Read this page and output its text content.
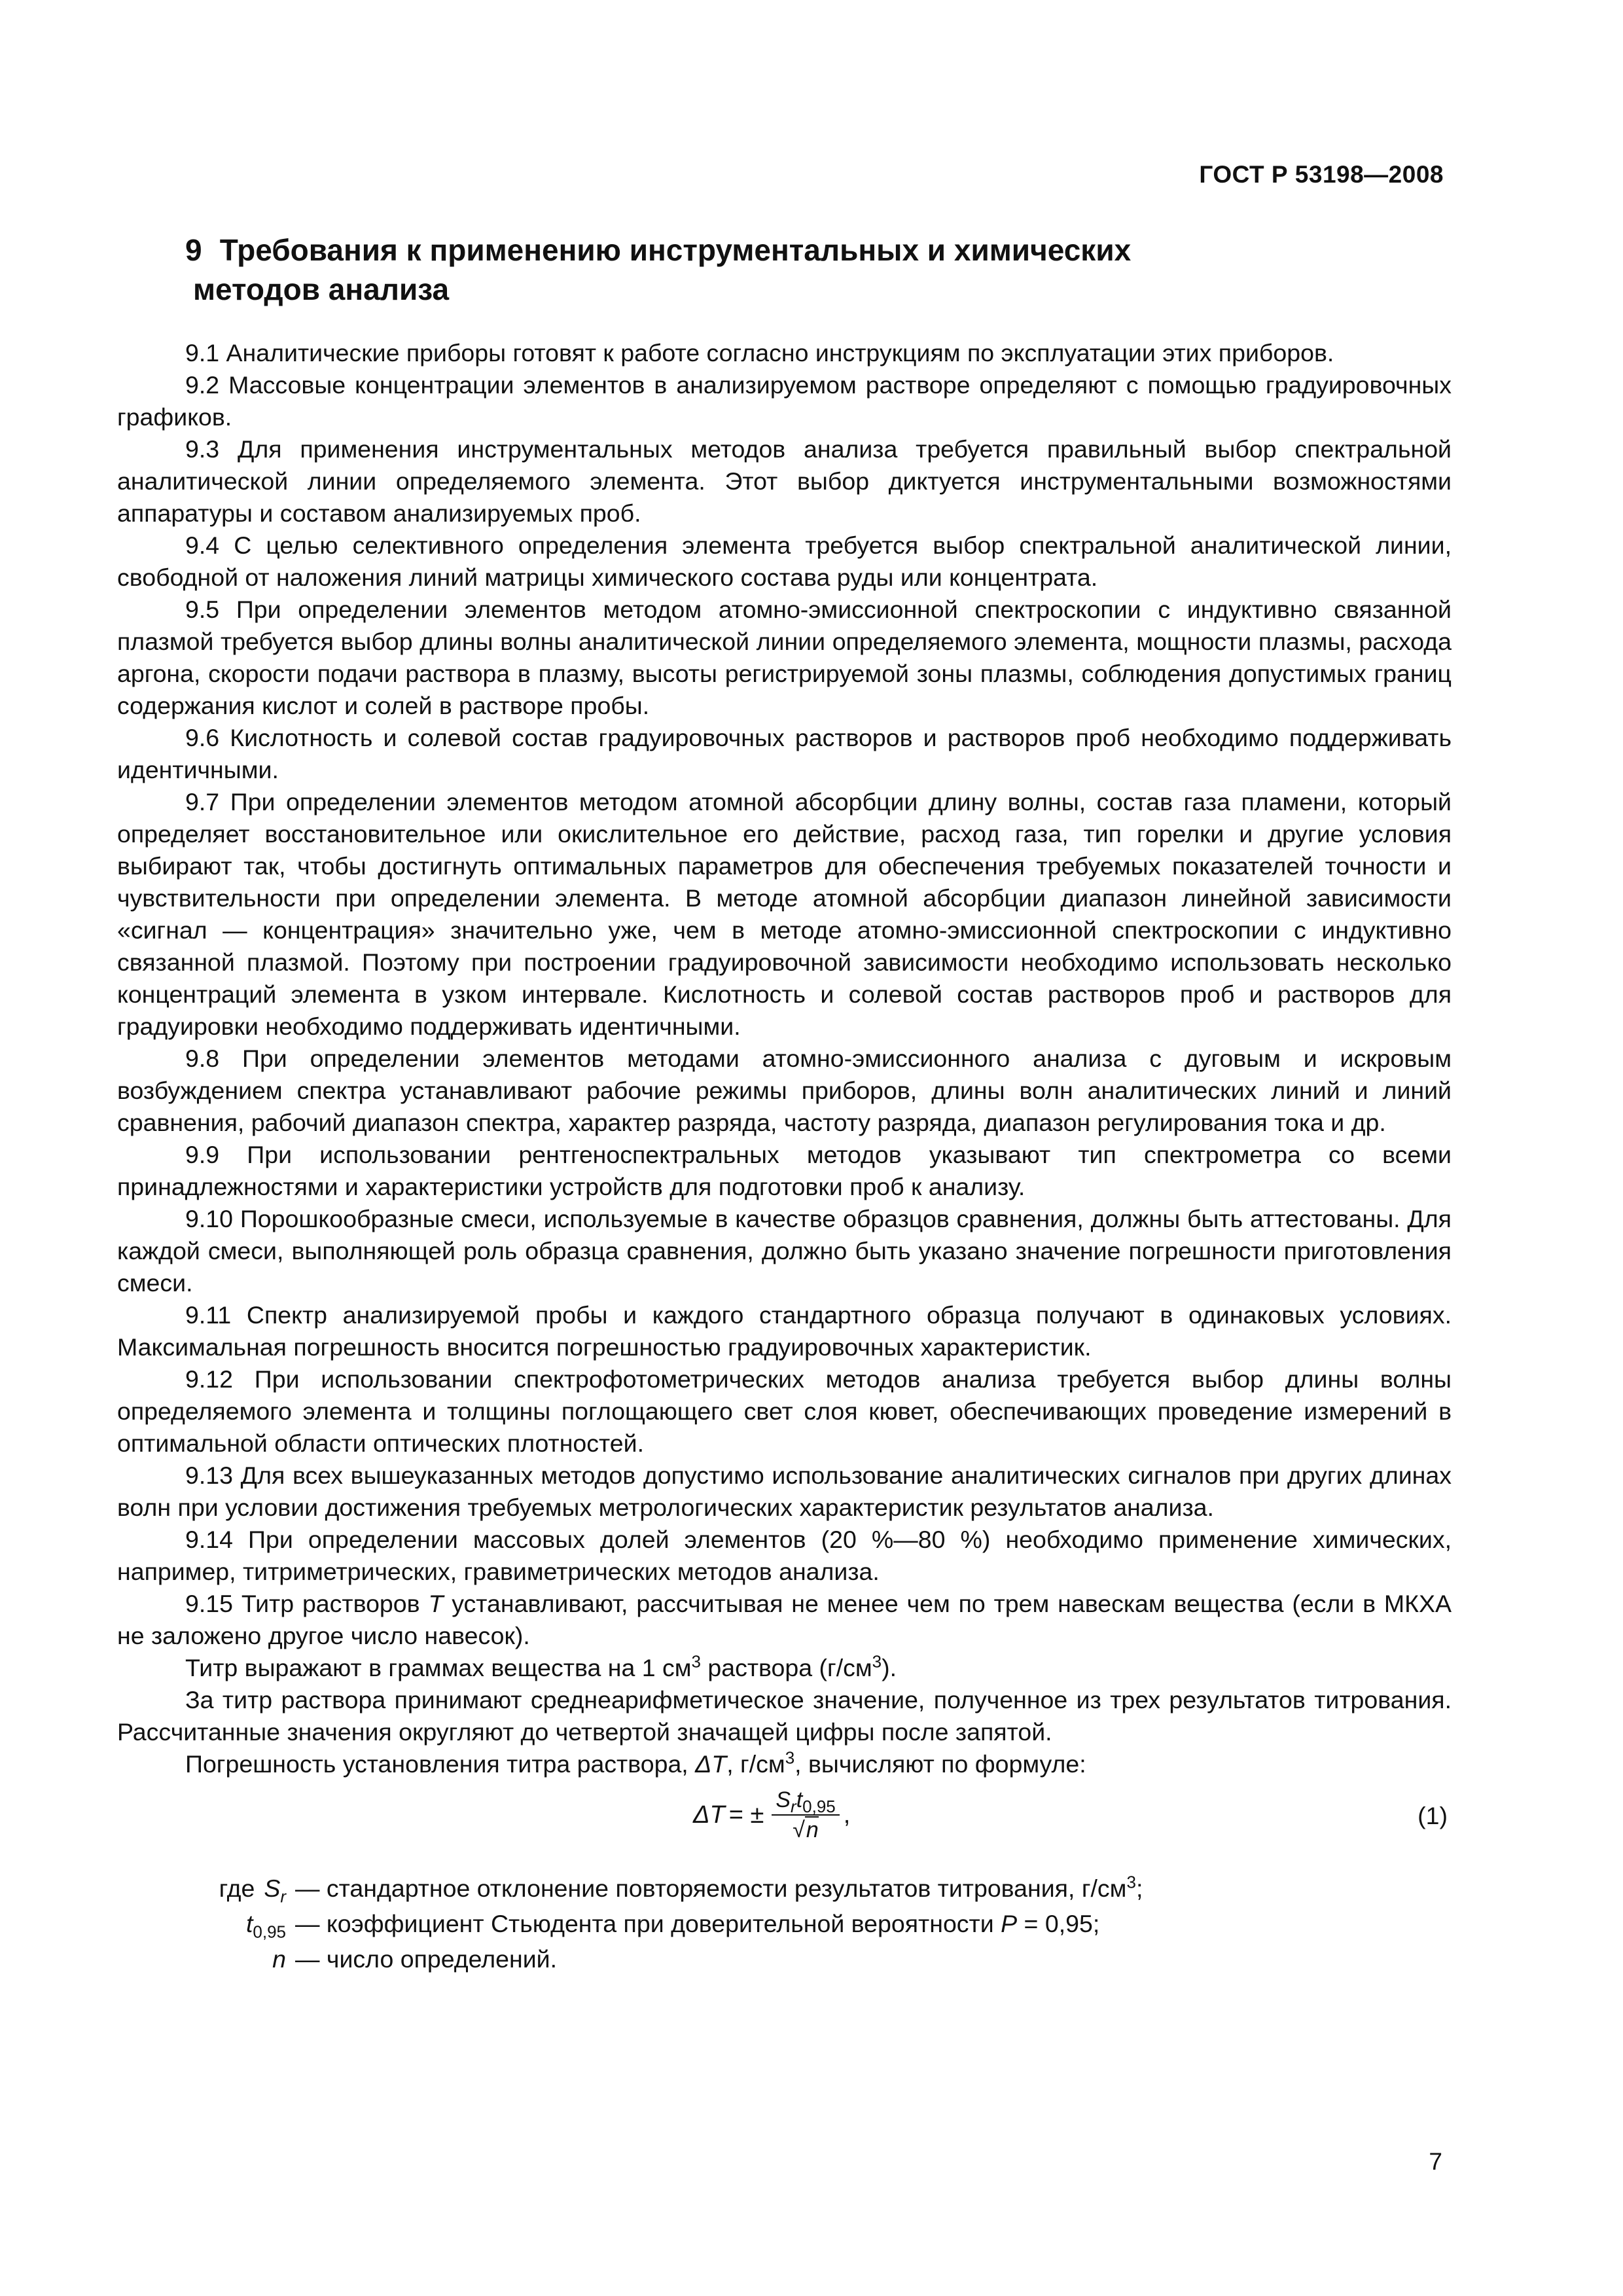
ГОСТ Р 53198—2008
9 Требования к применению инструментальных и химических
методов анализа

9.1 Аналитические приборы готовят к работе согласно инструкциям по эксплуатации этих приборов.

9.2 Массовые концентрации элементов в анализируемом растворе определяют с помощью градуировочных графиков.

9.3 Для применения инструментальных методов анализа требуется правильный выбор спектральной аналитической линии определяемого элемента. Этот выбор диктуется инструментальными возможностями аппаратуры и составом анализируемых проб.

9.4 С целью селективного определения элемента требуется выбор спектральной аналитической линии, свободной от наложения линий матрицы химического состава руды или концентрата.

9.5 При определении элементов методом атомно-эмиссионной спектроскопии с индуктивно связанной плазмой требуется выбор длины волны аналитической линии определяемого элемента, мощности плазмы, расхода аргона, скорости подачи раствора в плазму, высоты регистрируемой зоны плазмы, соблюдения допустимых границ содержания кислот и солей в растворе пробы.

9.6 Кислотность и солевой состав градуировочных растворов и растворов проб необходимо поддерживать идентичными.

9.7 При определении элементов методом атомной абсорбции длину волны, состав газа пламени, который определяет восстановительное или окислительное его действие, расход газа, тип горелки и другие условия выбирают так, чтобы достигнуть оптимальных параметров для обеспечения требуемых показателей точности и чувствительности при определении элемента. В методе атомной абсорбции диапазон линейной зависимости «сигнал — концентрация» значительно уже, чем в методе атомно-эмиссионной спектроскопии с индуктивно связанной плазмой. Поэтому при построении градуировочной зависимости необходимо использовать несколько концентраций элемента в узком интервале. Кислотность и солевой состав растворов проб и растворов для градуировки необходимо поддерживать идентичными.

9.8 При определении элементов методами атомно-эмиссионного анализа с дуговым и искровым возбуждением спектра устанавливают рабочие режимы приборов, длины волн аналитических линий и линий сравнения, рабочий диапазон спектра, характер разряда, частоту разряда, диапазон регулирования тока и др.

9.9 При использовании рентгеноспектральных методов указывают тип спектрометра со всеми принадлежностями и характеристики устройств для подготовки проб к анализу.

9.10 Порошкообразные смеси, используемые в качестве образцов сравнения, должны быть аттестованы. Для каждой смеси, выполняющей роль образца сравнения, должно быть указано значение погрешности приготовления смеси.

9.11 Спектр анализируемой пробы и каждого стандартного образца получают в одинаковых условиях. Максимальная погрешность вносится погрешностью градуировочных характеристик.

9.12 При использовании спектрофотометрических методов анализа требуется выбор длины волны определяемого элемента и толщины поглощающего свет слоя кювет, обеспечивающих проведение измерений в оптимальной области оптических плотностей.

9.13 Для всех вышеуказанных методов допустимо использование аналитических сигналов при других длинах волн при условии достижения требуемых метрологических характеристик результатов анализа.

9.14 При определении массовых долей элементов (20 %—80 %) необходимо применение химических, например, титриметрических, гравиметрических методов анализа.

9.15 Титр растворов T устанавливают, рассчитывая не менее чем по трем навескам вещества (если в МКХА не заложено другое число навесок).

Титр выражают в граммах вещества на 1 $см^3$ раствора $(г/см^3)$.

За титр раствора принимают среднеарифметическое значение, полученное из трех результатов титрования. Рассчитанные значения округляют до четвертой значащей цифры после запятой.

Погрешность установления титра раствора, ΔT, $г/см^3$, вычисляют по формуле:

ΔT = ± $\frac{S_rt_{0,95}}{√n}$ ,	(1)
где $S_r$ — стандартное отклонение повторяемости результатов титрования, $г/см^3$;
$t_{0,95}$ — коэффициент Стьюдента при доверительной вероятности P = 0,95;
n — число определений.
7
